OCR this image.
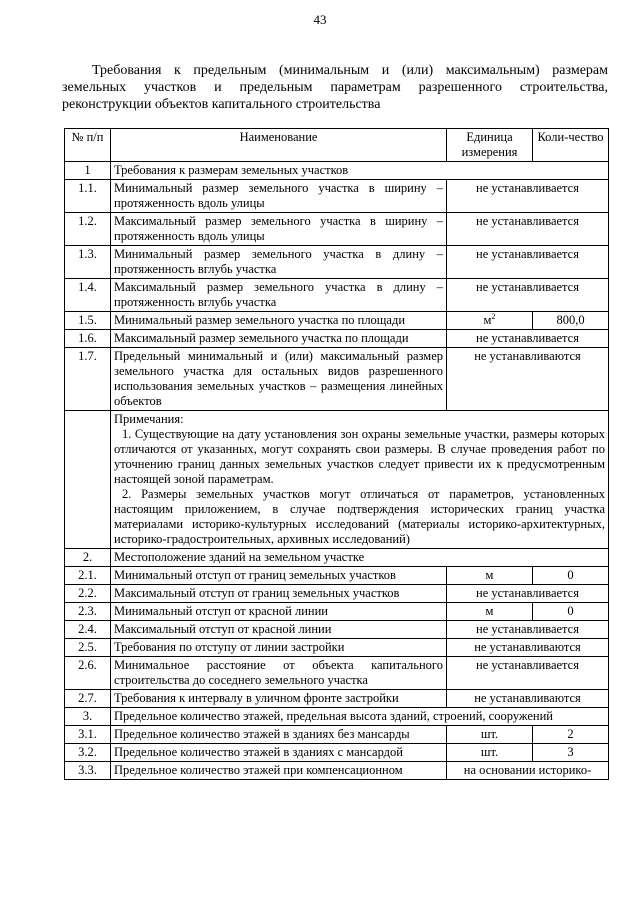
43
Требования к предельным (минимальным и (или) максимальным) размерам земельных участков и предельным параметрам разрешенного строительства, реконструкции объектов капитального строительства
№ п/п	Наименование	Единица измерения	Коли-чество
1	Требования к размерам земельных участков		
1.1.	Минимальный размер земельного участка в ширину – протяженность вдоль улицы	не устанавливается	
1.2.	Максимальный размер земельного участка в ширину – протяженность вдоль улицы	не устанавливается	
1.3.	Минимальный размер земельного участка в длину – протяженность вглубь участка	не устанавливается	
1.4.	Максимальный размер земельного участка в длину – протяженность вглубь участка	не устанавливается	
1.5.	Минимальный размер земельного участка по площади	$м^2$	800,0
1.6.	Максимальный размер земельного участка по площади	не устанавливается	
1.7.	Предельный минимальный и (или) максимальный размер земельного участка для остальных видов разрешенного использования земельных участков – размещения линейных объектов	не устанавливаются	

	Примечания:

1. Существующие на дату установления зон охраны земельные участки, размеры которых отличаются от указанных, могут сохранять свои размеры. В случае проведения работ по уточнению границ данных земельных участков следует привести их к предусмотренным настоящей зоной параметрам.

2. Размеры земельных участков могут отличаться от параметров, установленных настоящим приложением, в случае подтверждения исторических границ участка материалами историко-культурных исследований (материалы историко-архитектурных, историко-градостроительных, архивных исследований)		

2.	Местоположение зданий на земельном участке		
2.1.	Минимальный отступ от границ земельных участков	м	0
2.2.	Максимальный отступ от границ земельных участков	не устанавливается	
2.3.	Минимальный отступ от красной линии	м	0
2.4.	Максимальный отступ от красной линии	не устанавливается	
2.5.	Требования по отступу от линии застройки	не устанавливаются	
2.6.	Минимальное расстояние от объекта капитального строительства до соседнего земельного участка	не устанавливается	
2.7.	Требования к интервалу в уличном фронте застройки	не устанавливаются	
3.	Предельное количество этажей, предельная высота зданий, строений, сооружений		
3.1.	Предельное количество этажей в зданиях без мансарды	шт.	2
3.2.	Предельное количество этажей в зданиях с мансардой	шт.	3
3.3.	Предельное количество этажей при компенсационном	на основании историко-	
